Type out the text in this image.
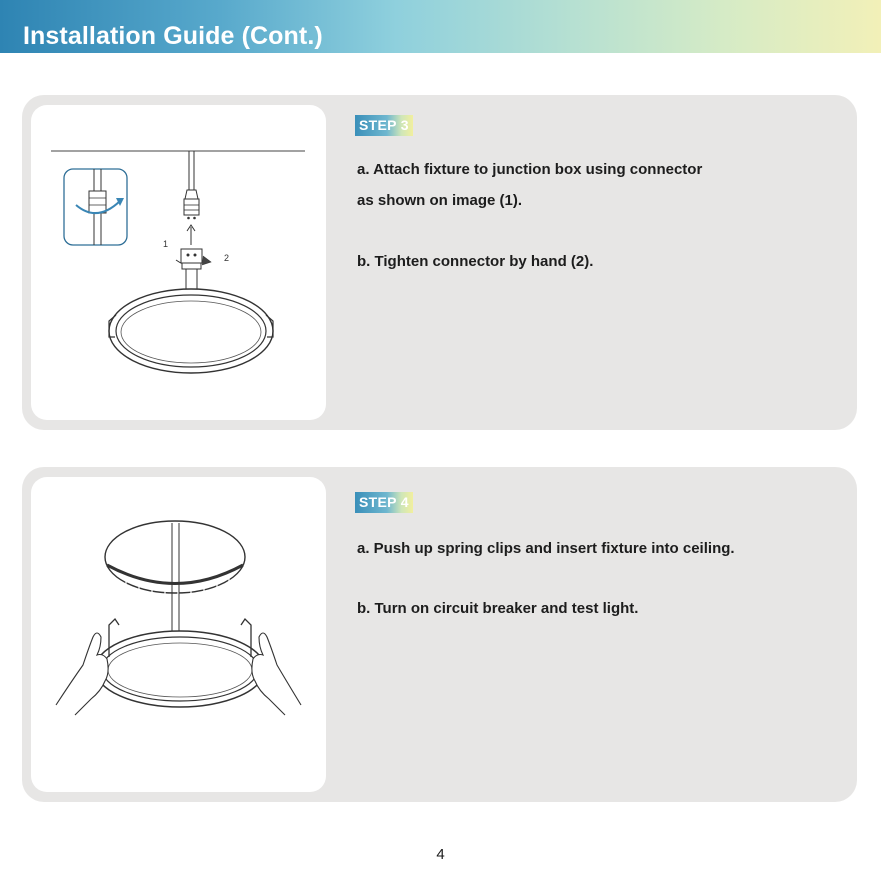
Installation Guide (Cont.)
1
2
STEP 3
a. Attach fixture to junction box using connector
as shown on image (1).
b. Tighten connector by hand (2).
STEP 4
a. Push up spring clips and insert fixture into ceiling.
b. Turn on circuit breaker and test light.
4
